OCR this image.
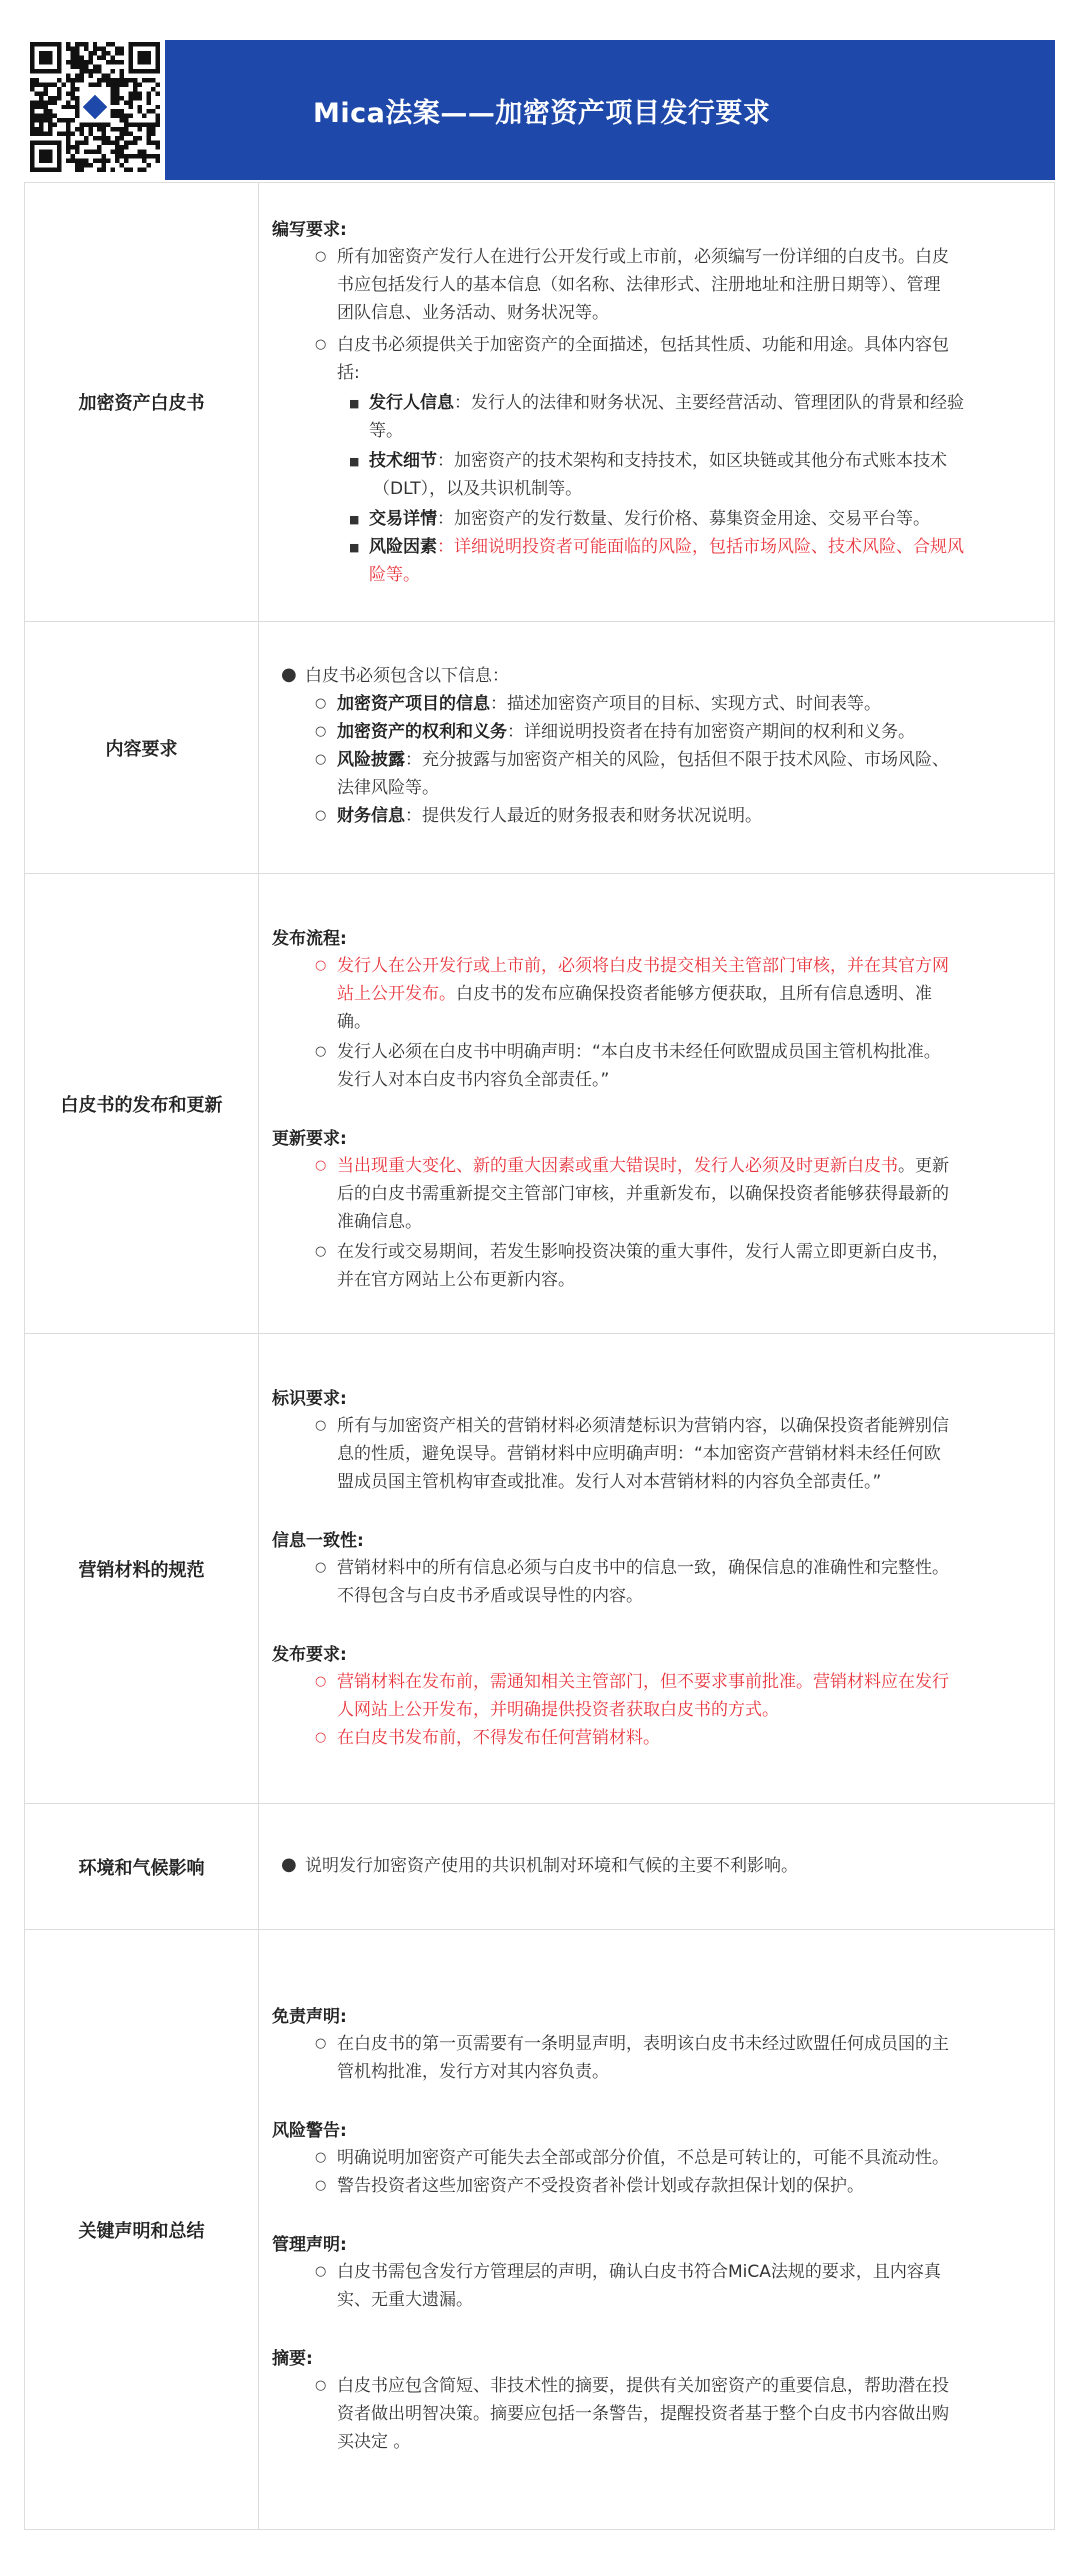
Mica法案——加密资产项目发行要求
加密资产白皮书
编写要求:
○ 所有加密资产发行人在进行公开发行或上市前，必须编写一份详细的白皮书。白皮
书应包括发行人的基本信息（如名称、法律形式、注册地址和注册日期等）、管理
团队信息、业务活动、财务状况等。
○ 白皮书必须提供关于加密资产的全面描述，包括其性质、功能和用途。具体内容包
括:
■ 发行人信息：发行人的法律和财务状况、主要经营活动、管理团队的背景和经验
等。
■ 技术细节：加密资产的技术架构和支持技术，如区块链或其他分布式账本技术
（DLT），以及共识机制等。
■ 交易详情：加密资产的发行数量、发行价格、募集资金用途、交易平台等。
■ 风险因素：详细说明投资者可能面临的风险，包括市场风险、技术风险、合规风
险等。
内容要求
● 白皮书必须包含以下信息：
○ 加密资产项目的信息：描述加密资产项目的目标、实现方式、时间表等。
○ 加密资产的权利和义务：详细说明投资者在持有加密资产期间的权利和义务。
○ 风险披露：充分披露与加密资产相关的风险，包括但不限于技术风险、市场风险、
法律风险等。
○ 财务信息：提供发行人最近的财务报表和财务状况说明。
白皮书的发布和更新
发布流程:
○ 发行人在公开发行或上市前，必须将白皮书提交相关主管部门审核，并在其官方网
站上公开发布。白皮书的发布应确保投资者能够方便获取，且所有信息透明、准
确。
○ 发行人必须在白皮书中明确声明：“本白皮书未经任何欧盟成员国主管机构批准。
发行人对本白皮书内容负全部责任。”
更新要求:
○ 当出现重大变化、新的重大因素或重大错误时，发行人必须及时更新白皮书。更新
后的白皮书需重新提交主管部门审核，并重新发布，以确保投资者能够获得最新的
准确信息。
○ 在发行或交易期间，若发生影响投资决策的重大事件，发行人需立即更新白皮书，
并在官方网站上公布更新内容。
营销材料的规范
标识要求:
○ 所有与加密资产相关的营销材料必须清楚标识为营销内容，以确保投资者能辨别信
息的性质，避免误导。营销材料中应明确声明：“本加密资产营销材料未经任何欧
盟成员国主管机构审查或批准。发行人对本营销材料的内容负全部责任。”
信息一致性:
○ 营销材料中的所有信息必须与白皮书中的信息一致，确保信息的准确性和完整性。
不得包含与白皮书矛盾或误导性的内容。
发布要求:
○ 营销材料在发布前，需通知相关主管部门，但不要求事前批准。营销材料应在发行
人网站上公开发布，并明确提供投资者获取白皮书的方式。
○ 在白皮书发布前，不得发布任何营销材料。
环境和气候影响	● 说明发行加密资产使用的共识机制对环境和气候的主要不利影响。
关键声明和总结
免责声明:
○ 在白皮书的第一页需要有一条明显声明，表明该白皮书未经过欧盟任何成员国的主
管机构批准，发行方对其内容负责。
风险警告:
○ 明确说明加密资产可能失去全部或部分价值，不总是可转让的，可能不具流动性。
○ 警告投资者这些加密资产不受投资者补偿计划或存款担保计划的保护。
管理声明:
○ 白皮书需包含发行方管理层的声明，确认白皮书符合MiCA法规的要求，且内容真
实、无重大遗漏。
摘要:
○ 白皮书应包含简短、非技术性的摘要，提供有关加密资产的重要信息，帮助潜在投
资者做出明智决策。摘要应包括一条警告，提醒投资者基于整个白皮书内容做出购
买决定 。
